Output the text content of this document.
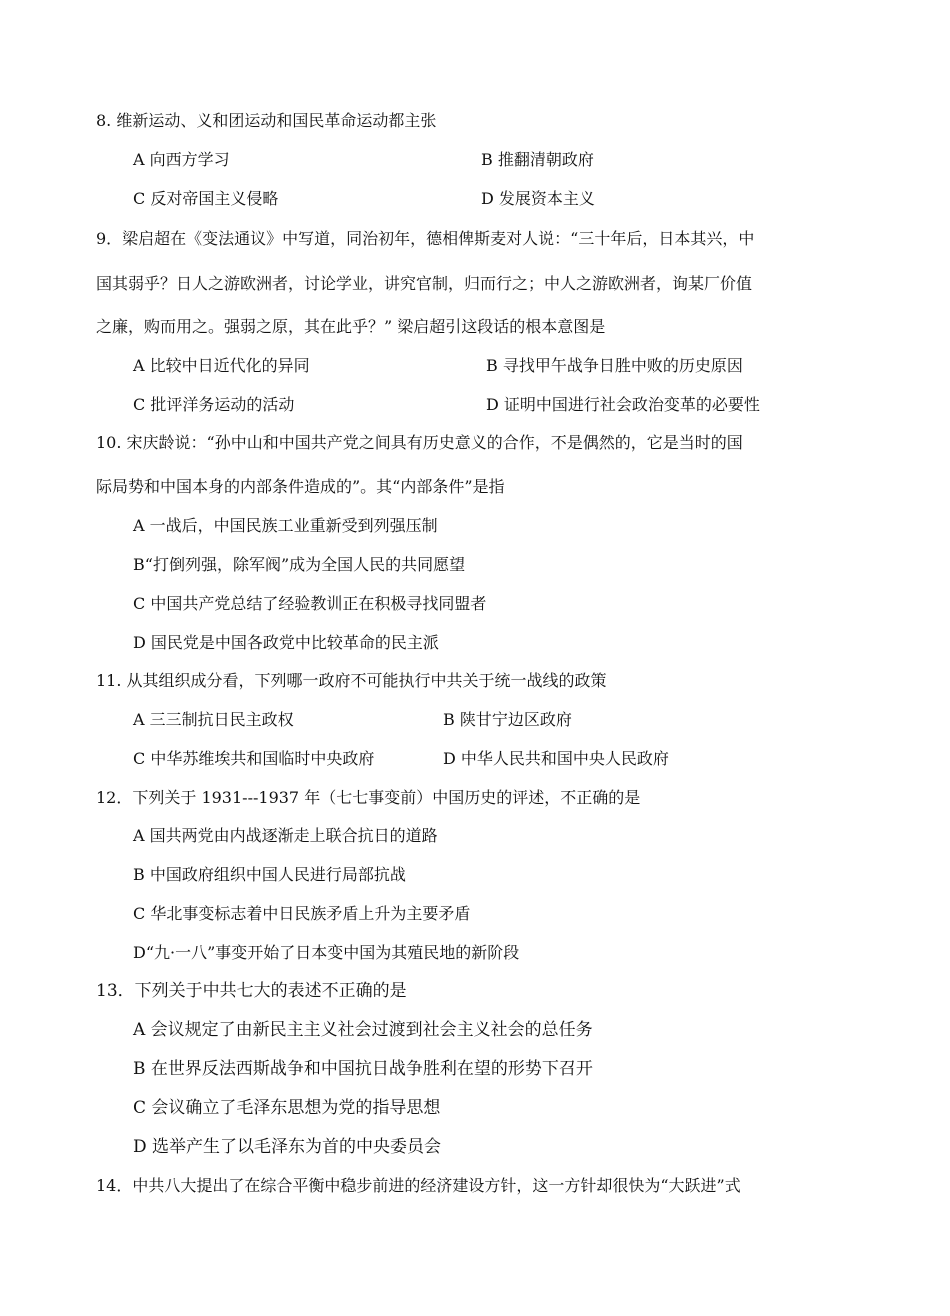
8. 维新运动、义和团运动和国民革命运动都主张
A 向西方学习	B 推翻清朝政府
C 反对帝国主义侵略	D 发展资本主义
9．梁启超在《变法通议》中写道，同治初年，德相俾斯麦对人说：“三十年后，日本其兴，中
国其弱乎？日人之游欧洲者，讨论学业，讲究官制，归而行之；中人之游欧洲者，询某厂价值
之廉，购而用之。强弱之原，其在此乎？” 梁启超引这段话的根本意图是
A 比较中日近代化的异同	B 寻找甲午战争日胜中败的历史原因
C 批评洋务运动的活动	D 证明中国进行社会政治变革的必要性
10. 宋庆龄说：“孙中山和中国共产党之间具有历史意义的合作，不是偶然的，它是当时的国
际局势和中国本身的内部条件造成的”。其“内部条件”是指
A 一战后，中国民族工业重新受到列强压制
B“打倒列强，除军阀”成为全国人民的共同愿望
C 中国共产党总结了经验教训正在积极寻找同盟者
D 国民党是中国各政党中比较革命的民主派
11. 从其组织成分看，下列哪一政府不可能执行中共关于统一战线的政策
A 三三制抗日民主政权	B 陕甘宁边区政府
C 中华苏维埃共和国临时中央政府	D 中华人民共和国中央人民政府
12．下列关于 1931---1937 年（七七事变前）中国历史的评述，不正确的是
A 国共两党由内战逐渐走上联合抗日的道路
B 中国政府组织中国人民进行局部抗战
C 华北事变标志着中日民族矛盾上升为主要矛盾
D“九·一八”事变开始了日本变中国为其殖民地的新阶段
13．下列关于中共七大的表述不正确的是
A 会议规定了由新民主主义社会过渡到社会主义社会的总任务
B 在世界反法西斯战争和中国抗日战争胜利在望的形势下召开
C 会议确立了毛泽东思想为党的指导思想
D 选举产生了以毛泽东为首的中央委员会
14．中共八大提出了在综合平衡中稳步前进的经济建设方针，这一方针却很快为“大跃进”式
